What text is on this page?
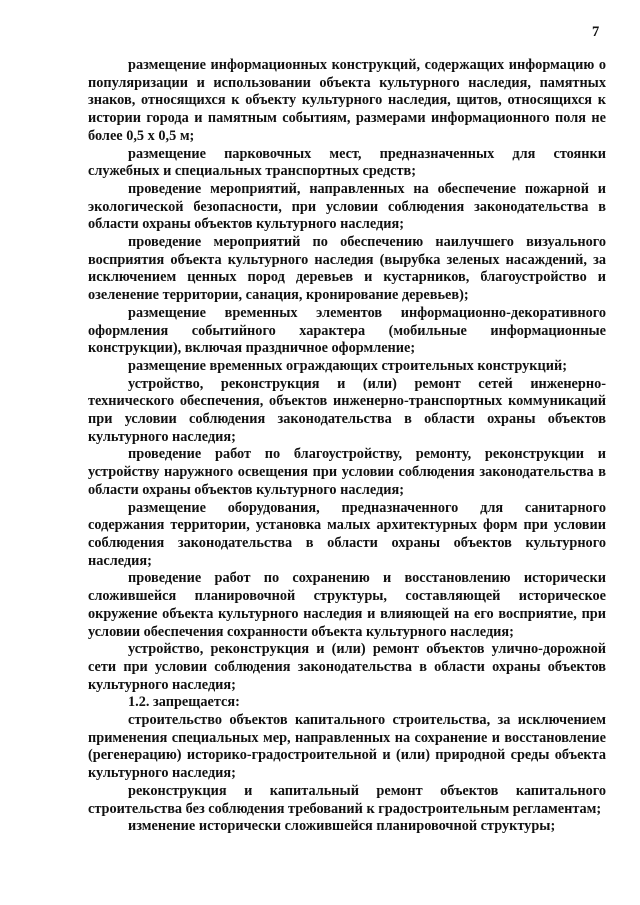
7

размещение информационных конструкций, содержащих информацию о популяризации и использовании объекта культурного наследия, памятных знаков, относящихся к объекту культурного наследия, щитов, относящихся к истории города и памятным событиям, размерами информационного поля не более 0,5 х 0,5 м;

размещение парковочных мест, предназначенных для стоянки служебных и специальных транспортных средств;

проведение мероприятий, направленных на обеспечение пожарной и экологической безопасности, при условии соблюдения законодательства в области охраны объектов культурного наследия;

проведение мероприятий по обеспечению наилучшего визуального восприятия объекта культурного наследия (вырубка зеленых насаждений, за исключением ценных пород деревьев и кустарников, благоустройство и озеленение территории, санация, кронирование деревьев);

размещение временных элементов информационно-декоративного оформления событийного характера (мобильные информационные конструкции), включая праздничное оформление;

размещение временных ограждающих строительных конструкций;

устройство, реконструкция и (или) ремонт сетей инженерно-технического обеспечения, объектов инженерно-транспортных коммуникаций при условии соблюдения законодательства в области охраны объектов культурного наследия;

проведение работ по благоустройству, ремонту, реконструкции и устройству наружного освещения при условии соблюдения законодательства в области охраны объектов культурного наследия;

размещение оборудования, предназначенного для санитарного содержания территории, установка малых архитектурных форм при условии соблюдения законодательства в области охраны объектов культурного наследия;

проведение работ по сохранению и восстановлению исторически сложившейся планировочной структуры, составляющей историческое окружение объекта культурного наследия и влияющей на его восприятие, при условии обеспечения сохранности объекта культурного наследия;

устройство, реконструкция и (или) ремонт объектов улично-дорожной сети при условии соблюдения законодательства в области охраны объектов культурного наследия;

1.2. запрещается:

строительство объектов капитального строительства, за исключением применения специальных мер, направленных на сохранение и восстановление (регенерацию) историко-градостроительной и (или) природной среды объекта культурного наследия;

реконструкция и капитальный ремонт объектов капитального строительства без соблюдения требований к градостроительным регламентам;

изменение исторически сложившейся планировочной структуры;
